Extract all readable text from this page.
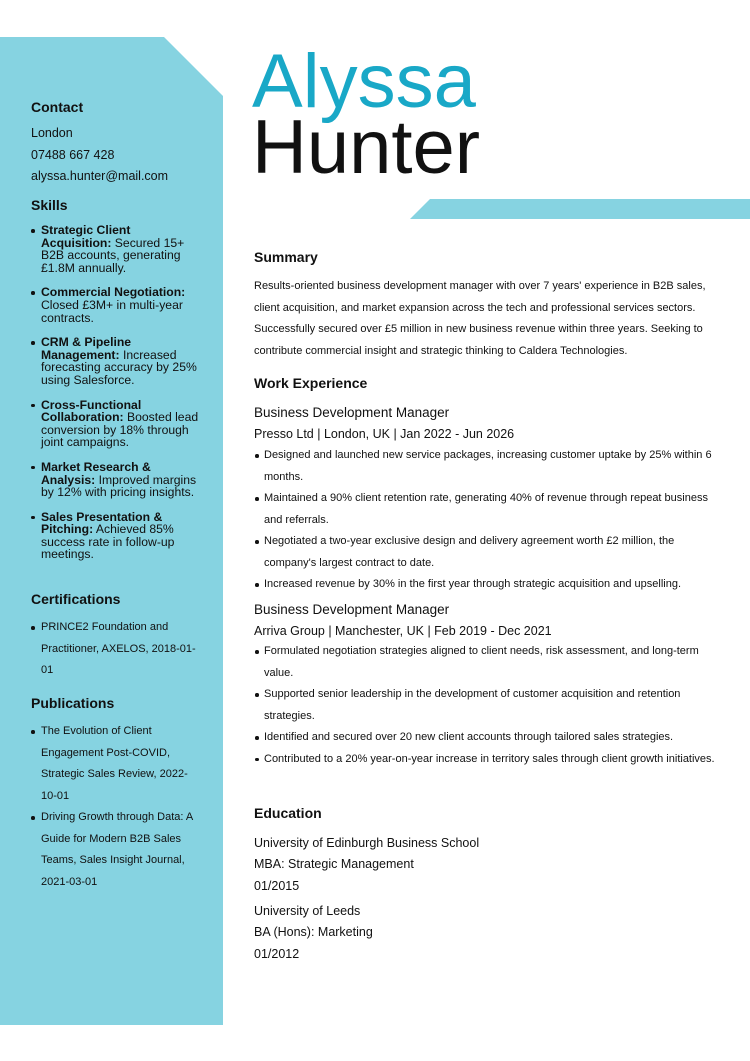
Contact
London
07488 667 428
alyssa.hunter@mail.com
Skills
Strategic Client Acquisition: Secured 15+ B2B accounts, generating £1.8M annually.
Commercial Negotiation: Closed £3M+ in multi-year contracts.
CRM & Pipeline Management: Increased forecasting accuracy by 25% using Salesforce.
Cross-Functional Collaboration: Boosted lead conversion by 18% through joint campaigns.
Market Research & Analysis: Improved margins by 12% with pricing insights.
Sales Presentation & Pitching: Achieved 85% success rate in follow-up meetings.
Certifications
PRINCE2 Foundation and Practitioner, AXELOS, 2018-01-01
Publications
The Evolution of Client Engagement Post-COVID, Strategic Sales Review, 2022-10-01
Driving Growth through Data: A Guide for Modern B2B Sales Teams, Sales Insight Journal, 2021-03-01
Alyssa
Hunter
Summary

Results-oriented business development manager with over 7 years' experience in B2B sales, client acquisition, and market expansion across the tech and professional services sectors. Successfully secured over £5 million in new business revenue within three years. Seeking to contribute commercial insight and strategic thinking to Caldera Technologies.

Work Experience
Business Development Manager
Presso Ltd | London, UK | Jan 2022 - Jun 2026
Designed and launched new service packages, increasing customer uptake by 25% within 6 months.
Maintained a 90% client retention rate, generating 40% of revenue through repeat business and referrals.
Negotiated a two-year exclusive design and delivery agreement worth £2 million, the company's largest contract to date.
Increased revenue by 30% in the first year through strategic acquisition and upselling.
Business Development Manager
Arriva Group | Manchester, UK | Feb 2019 - Dec 2021
Formulated negotiation strategies aligned to client needs, risk assessment, and long-term value.
Supported senior leadership in the development of customer acquisition and retention strategies.
Identified and secured over 20 new client accounts through tailored sales strategies.
Contributed to a 20% year-on-year increase in territory sales through client growth initiatives.
Education
University of Edinburgh Business School
MBA: Strategic Management
01/2015
University of Leeds
BA (Hons): Marketing
01/2012
